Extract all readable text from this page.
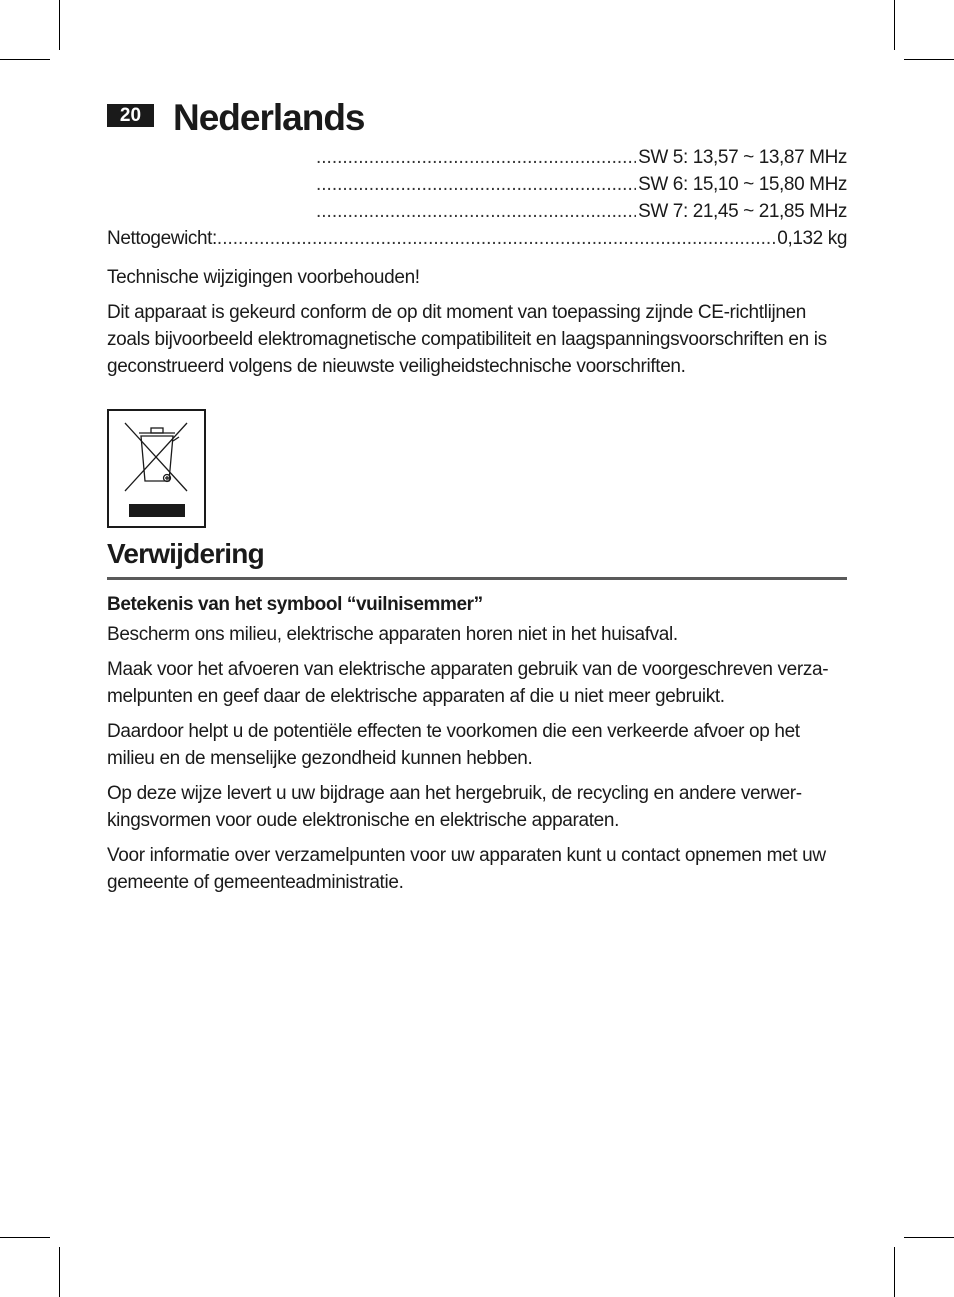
20 Nederlands
.....
SW 5: 13,57 ~ 13,87 MHz
.....
SW 6: 15,10 ~ 15,80 MHz
.....
SW 7: 21,45 ~ 21,85 MHz
Nettogewicht:
.....	0,132 kg

Technische wijzigingen voorbehouden!

Dit apparaat is gekeurd conform de op dit moment van toepassing zijnde CE-richtlijnen zoals bijvoorbeeld elektromagnetische compatibiliteit en laagspanningsvoorschriften en is geconstrueerd volgens de nieuwste veiligheidstechnische voorschriften.

Verwijdering
Betekenis van het symbool “vuilnisemmer”

Bescherm ons milieu, elektrische apparaten horen niet in het huisafval.

Maak voor het afvoeren van elektrische apparaten gebruik van de voorgeschreven verza-melpunten en geef daar de elektrische apparaten af die u niet meer gebruikt.

Daardoor helpt u de potentiële effecten te voorkomen die een verkeerde afvoer op het milieu en de menselijke gezondheid kunnen hebben.

Op deze wijze levert u uw bijdrage aan het hergebruik, de recycling en andere verwer-kingsvormen voor oude elektronische en elektrische apparaten.

Voor informatie over verzamelpunten voor uw apparaten kunt u contact opnemen met uw gemeente of gemeenteadministratie.
